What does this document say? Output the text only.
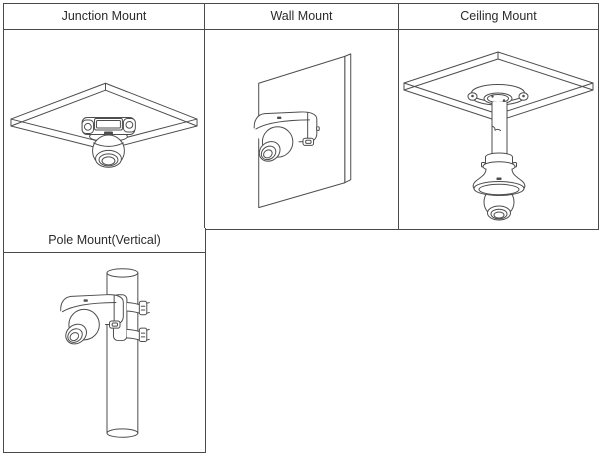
Junction Mount	Wall Mount	Ceiling Mount
Pole Mount(Vertical)
